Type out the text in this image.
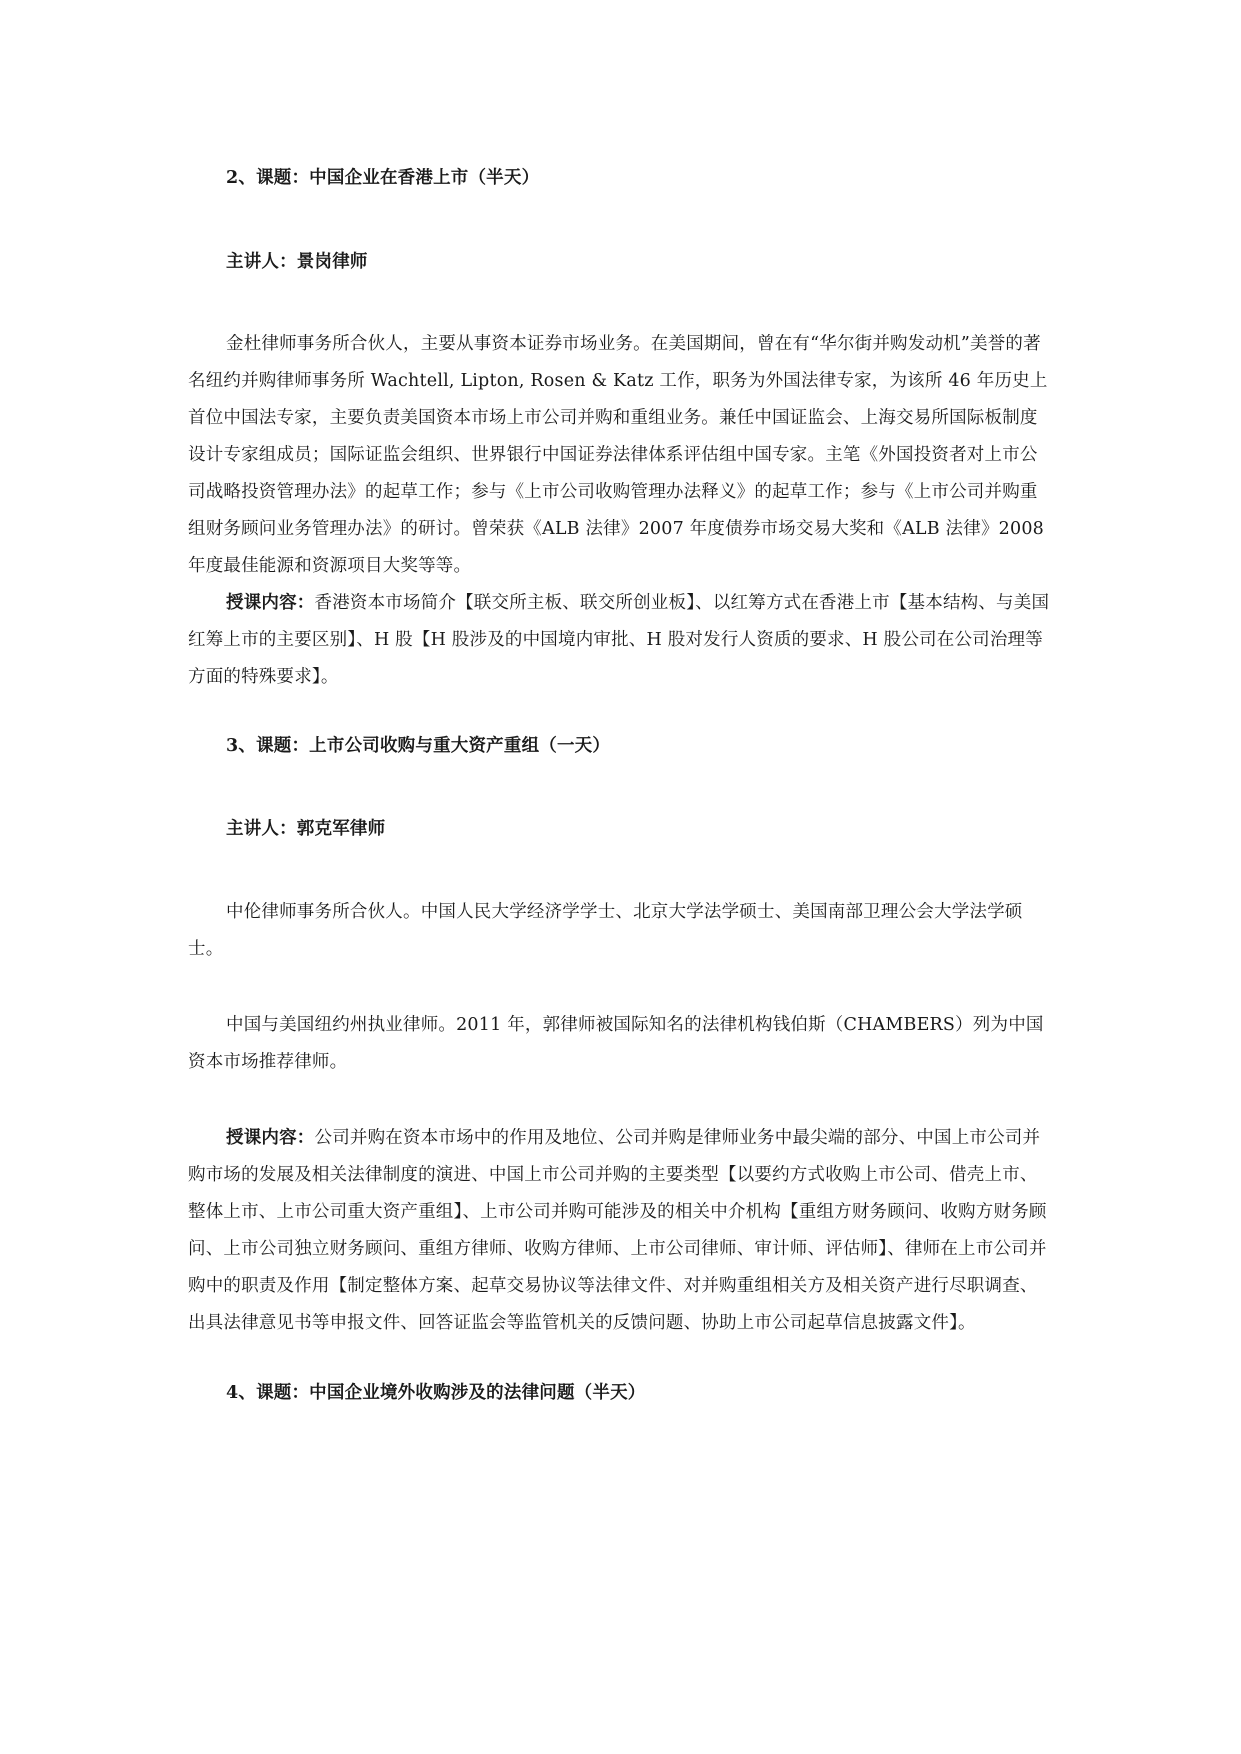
2、课题：中国企业在香港上市（半天）

主讲人：景岗律师

金杜律师事务所合伙人，主要从事资本证券市场业务。在美国期间，曾在有“华尔街并购发动机”美誉的著名纽约并购律师事务所 Wachtell, Lipton, Rosen & Katz 工作，职务为外国法律专家，为该所 46 年历史上首位中国法专家，主要负责美国资本市场上市公司并购和重组业务。兼任中国证监会、上海交易所国际板制度设计专家组成员；国际证监会组织、世界银行中国证券法律体系评估组中国专家。主笔《外国投资者对上市公司战略投资管理办法》的起草工作；参与《上市公司收购管理办法释义》的起草工作；参与《上市公司并购重组财务顾问业务管理办法》的研讨。曾荣获《ALB 法律》2007 年度债券市场交易大奖和《ALB 法律》2008 年度最佳能源和资源项目大奖等等。

授课内容：香港资本市场简介【联交所主板、联交所创业板】、以红筹方式在香港上市【基本结构、与美国红筹上市的主要区别】、H 股【H 股涉及的中国境内审批、H 股对发行人资质的要求、H 股公司在公司治理等方面的特殊要求】。

3、课题：上市公司收购与重大资产重组（一天）

主讲人：郭克军律师

中伦律师事务所合伙人。中国人民大学经济学学士、北京大学法学硕士、美国南部卫理公会大学法学硕士。

中国与美国纽约州执业律师。2011 年，郭律师被国际知名的法律机构钱伯斯（CHAMBERS）列为中国资本市场推荐律师。

授课内容：公司并购在资本市场中的作用及地位、公司并购是律师业务中最尖端的部分、中国上市公司并购市场的发展及相关法律制度的演进、中国上市公司并购的主要类型【以要约方式收购上市公司、借壳上市、整体上市、上市公司重大资产重组】、上市公司并购可能涉及的相关中介机构【重组方财务顾问、收购方财务顾问、上市公司独立财务顾问、重组方律师、收购方律师、上市公司律师、审计师、评估师】、律师在上市公司并购中的职责及作用【制定整体方案、起草交易协议等法律文件、对并购重组相关方及相关资产进行尽职调查、出具法律意见书等申报文件、回答证监会等监管机关的反馈问题、协助上市公司起草信息披露文件】。

4、课题：中国企业境外收购涉及的法律问题（半天）
